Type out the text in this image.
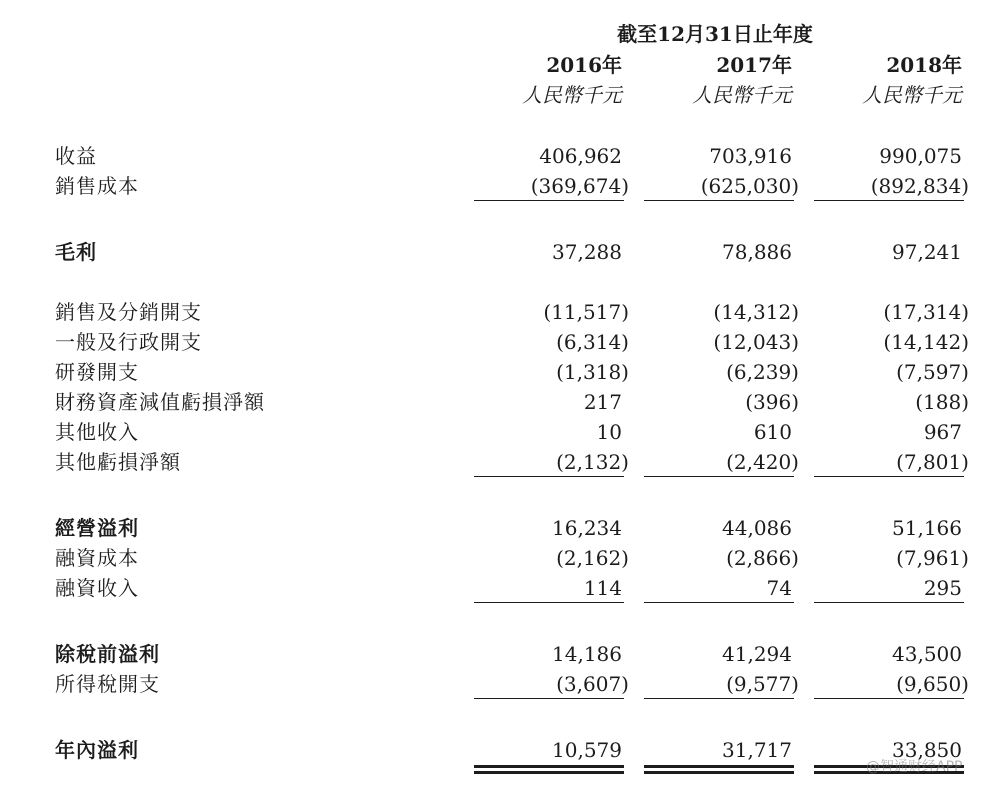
截至12月31日止年度
2016年	2017年	2018年
人民幣千元	人民幣千元	人民幣千元
收益	406,962	703,916	990,075
銷售成本	(369,674)	(625,030)	(892,834)
毛利	37,288	78,886	97,241
銷售及分銷開支	(11,517)	(14,312)	(17,314)
一般及行政開支	(6,314)	(12,043)	(14,142)
研發開支	(1,318)	(6,239)	(7,597)
財務資產減值虧損淨額	217	(396)	(188)
其他收入	10	610	967
其他虧損淨額	(2,132)	(2,420)	(7,801)
經營溢利	16,234	44,086	51,166
融資成本	(2,162)	(2,866)	(7,961)
融資收入	114	74	295
除稅前溢利	14,186	41,294	43,500
所得稅開支	(3,607)	(9,577)	(9,650)
年內溢利	10,579	31,717	33,850
@智通财经APP
